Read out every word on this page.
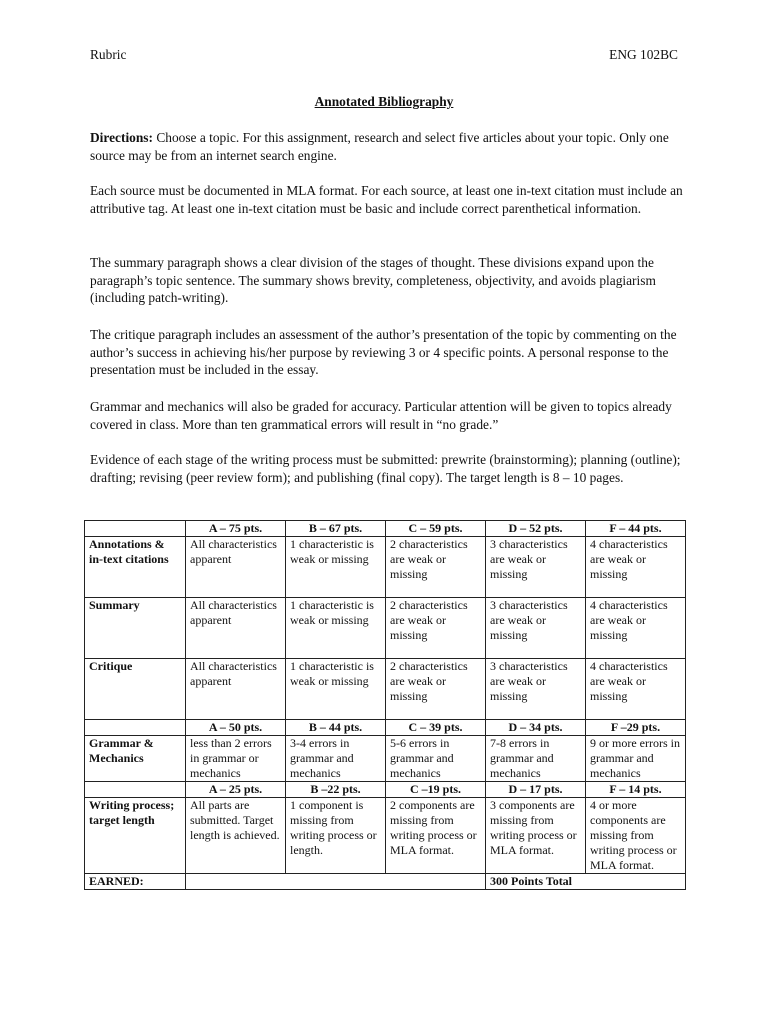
Rubric	ENG 102BC
Annotated Bibliography

Directions: Choose a topic. For this assignment, research and select five articles about your topic. Only one source may be from an internet search engine.

Each source must be documented in MLA format. For each source, at least one in-text citation must include an attributive tag. At least one in-text citation must be basic and include correct parenthetical information.

The summary paragraph shows a clear division of the stages of thought. These divisions expand upon the paragraph’s topic sentence. The summary shows brevity, completeness, objectivity, and avoids plagiarism (including patch-writing).

The critique paragraph includes an assessment of the author’s presentation of the topic by commenting on the author’s success in achieving his/her purpose by reviewing 3 or 4 specific points. A personal response to the presentation must be included in the essay.

Grammar and mechanics will also be graded for accuracy. Particular attention will be given to topics already covered in class. More than ten grammatical errors will result in “no grade.”

Evidence of each stage of the writing process must be submitted: prewrite (brainstorming); planning (outline); drafting; revising (peer review form); and publishing (final copy). The target length is 8 – 10 pages.

	A – 75 pts.	B – 67 pts.	C – 59 pts.	D – 52 pts.	F – 44 pts.
Annotations & in-text citations	All characteristics apparent	1 characteristic is weak or missing	2 characteristics are weak or missing	3 characteristics are weak or missing	4 characteristics are weak or missing
Summary	All characteristics apparent	1 characteristic is weak or missing	2 characteristics are weak or missing	3 characteristics are weak or missing	4 characteristics are weak or missing
Critique	All characteristics apparent	1 characteristic is weak or missing	2 characteristics are weak or missing	3 characteristics are weak or missing	4 characteristics are weak or missing
	A – 50 pts.	B – 44 pts.	C – 39 pts.	D – 34 pts.	F –29 pts.
Grammar & Mechanics	less than 2 errors in grammar or mechanics	3-4 errors in grammar and mechanics	5-6 errors in grammar and mechanics	7-8 errors in grammar and mechanics	9 or more errors in grammar and mechanics
	A – 25 pts.	B –22 pts.	C –19 pts.	D – 17 pts.	F – 14 pts.
Writing process; target length	All parts are submitted. Target length is achieved.	1 component is missing from writing process or length.	2 components are missing from writing process or MLA format.	3 components are missing from writing process or MLA format.	4 or more components are missing from writing process or MLA format.
EARNED:				300 Points Total	
